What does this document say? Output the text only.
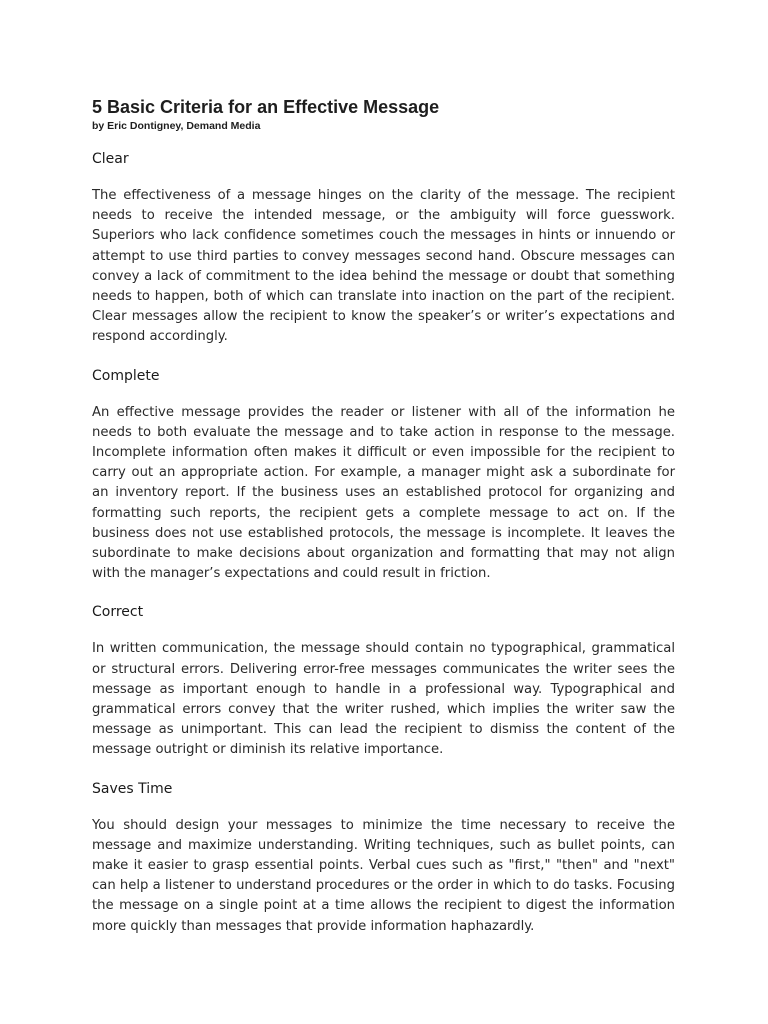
5 Basic Criteria for an Effective Message

by Eric Dontigney, Demand Media

Clear

The effectiveness of a message hinges on the clarity of the message. The recipient needs to receive the intended message, or the ambiguity will force guesswork. Superiors who lack confidence sometimes couch the messages in hints or innuendo or attempt to use third parties to convey messages second hand. Obscure messages can convey a lack of commitment to the idea behind the message or doubt that something needs to happen, both of which can translate into inaction on the part of the recipient. Clear messages allow the recipient to know the speaker’s or writer’s expectations and respond accordingly.

Complete

An effective message provides the reader or listener with all of the information he needs to both evaluate the message and to take action in response to the message. Incomplete information often makes it difficult or even impossible for the recipient to carry out an appropriate action. For example, a manager might ask a subordinate for an inventory report. If the business uses an established protocol for organizing and formatting such reports, the recipient gets a complete message to act on. If the business does not use established protocols, the message is incomplete. It leaves the subordinate to make decisions about organization and formatting that may not align with the manager’s expectations and could result in friction.

Correct

In written communication, the message should contain no typographical, grammatical or structural errors. Delivering error-free messages communicates the writer sees the message as important enough to handle in a professional way. Typographical and grammatical errors convey that the writer rushed, which implies the writer saw the message as unimportant. This can lead the recipient to dismiss the content of the message outright or diminish its relative importance.

Saves Time

You should design your messages to minimize the time necessary to receive the message and maximize understanding. Writing techniques, such as bullet points, can make it easier to grasp essential points. Verbal cues such as "first," "then" and "next" can help a listener to understand procedures or the order in which to do tasks. Focusing the message on a single point at a time allows the recipient to digest the information more quickly than messages that provide information haphazardly.
